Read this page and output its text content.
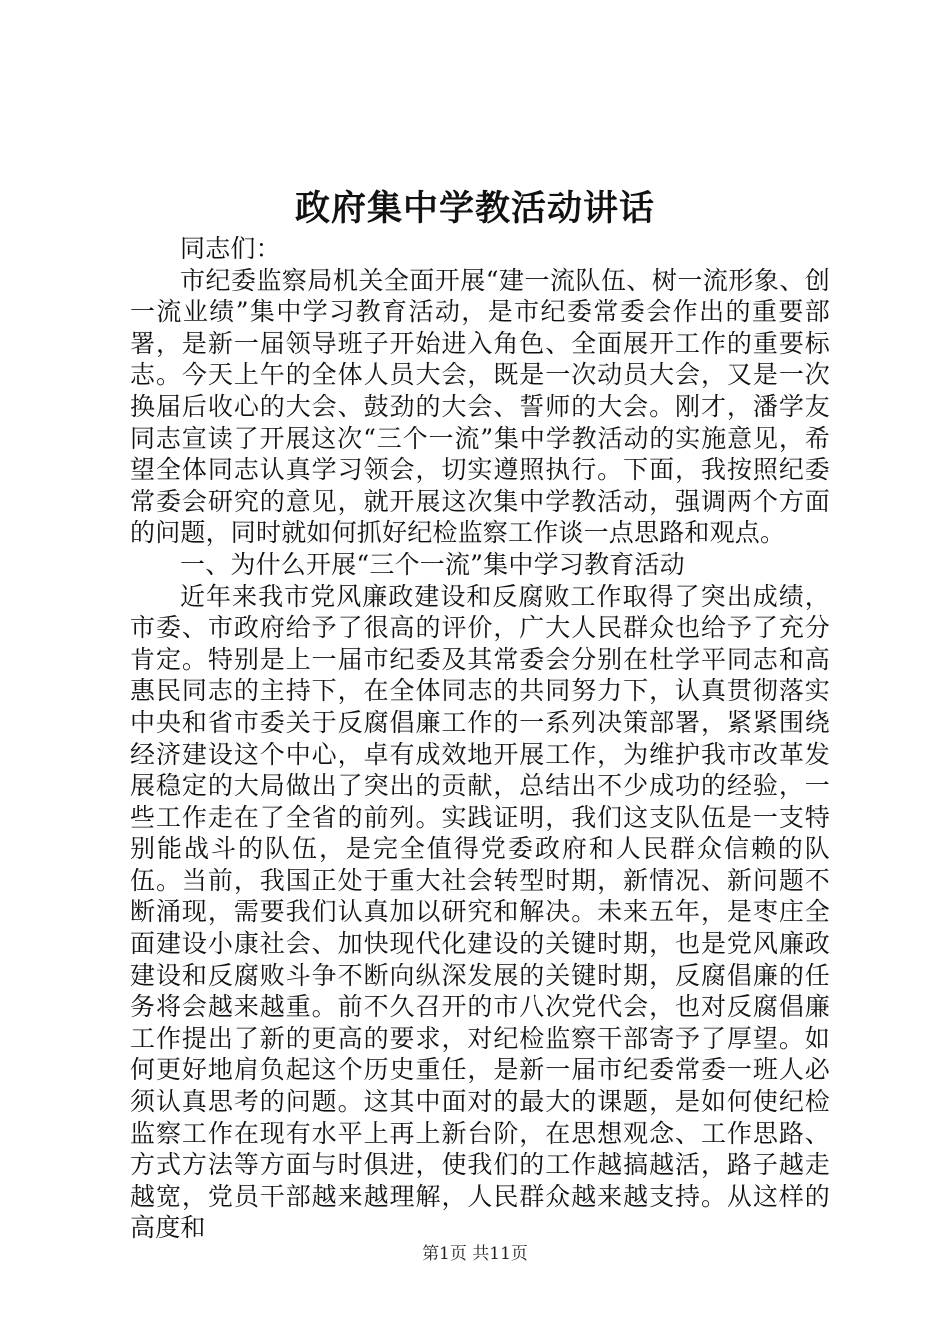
政府集中学教活动讲话

同志们：

市纪委监察局机关全面开展“建一流队伍、树一流形象、创一流业绩”集中学习教育活动，是市纪委常委会作出的重要部署，是新一届领导班子开始进入角色、全面展开工作的重要标志。今天上午的全体人员大会，既是一次动员大会，又是一次换届后收心的大会、鼓劲的大会、誓师的大会。刚才，潘学友同志宣读了开展这次“三个一流”集中学教活动的实施意见，希望全体同志认真学习领会，切实遵照执行。下面，我按照纪委常委会研究的意见，就开展这次集中学教活动，强调两个方面的问题，同时就如何抓好纪检监察工作谈一点思路和观点。

一、为什么开展“三个一流”集中学习教育活动

近年来我市党风廉政建设和反腐败工作取得了突出成绩，市委、市政府给予了很高的评价，广大人民群众也给予了充分肯定。特别是上一届市纪委及其常委会分别在杜学平同志和高惠民同志的主持下，在全体同志的共同努力下，认真贯彻落实中央和省市委关于反腐倡廉工作的一系列决策部署，紧紧围绕经济建设这个中心，卓有成效地开展工作，为维护我市改革发展稳定的大局做出了突出的贡献，总结出不少成功的经验，一些工作走在了全省的前列。实践证明，我们这支队伍是一支特别能战斗的队伍，是完全值得党委政府和人民群众信赖的队伍。当前，我国正处于重大社会转型时期，新情况、新问题不断涌现，需要我们认真加以研究和解决。未来五年，是枣庄全面建设小康社会、加快现代化建设的关键时期，也是党风廉政建设和反腐败斗争不断向纵深发展的关键时期，反腐倡廉的任务将会越来越重。前不久召开的市八次党代会，也对反腐倡廉工作提出了新的更高的要求，对纪检监察干部寄予了厚望。如何更好地肩负起这个历史重任，是新一届市纪委常委一班人必须认真思考的问题。这其中面对的最大的课题，是如何使纪检监察工作在现有水平上再上新台阶，在思想观念、工作思路、方式方法等方面与时俱进，使我们的工作越搞越活，路子越走越宽，党员干部越来越理解，人民群众越来越支持。从这样的高度和

第1页 共11页
